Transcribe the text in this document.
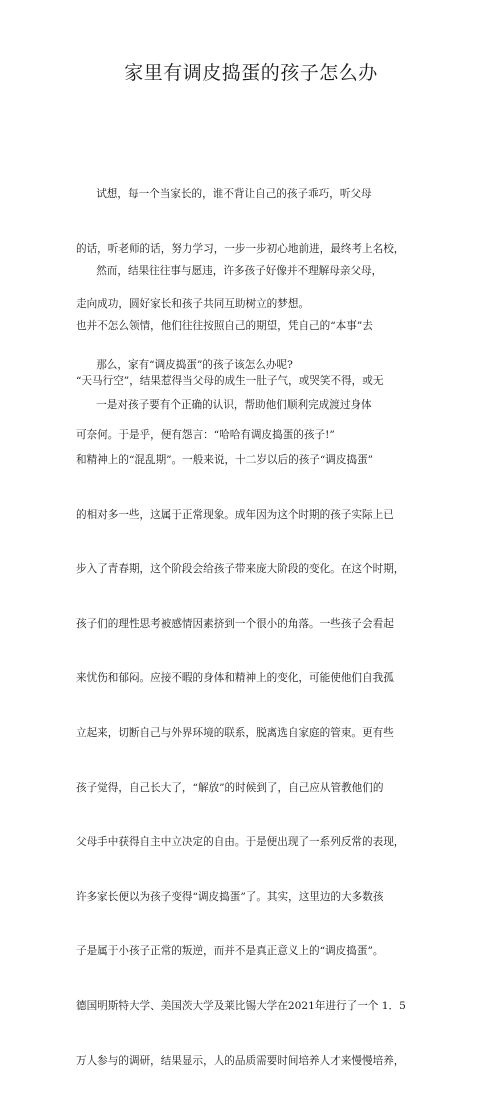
家里有调皮捣蛋的孩子怎么办

试想，每一个当家长的，谁不背让自己的孩子乖巧，听父母

的话，听老师的话，努力学习，一步一步初心地前进，最终考上名校，

走向成功，圆好家长和孩子共同互助树立的梦想。

然而，结果往往事与愿违，许多孩子好像并不理解母亲父母，

也并不怎么领情，他们往往按照自己的期望，凭自己的“本事”去

“天马行空”，结果惹得当父母的成生一肚子气，或哭笑不得，或无

可奈何。于是乎，便有怨言：“哈哈有调皮捣蛋的孩子!”

那么，家有“调皮捣蛋”的孩子该怎么办呢?

一是对孩子要有个正确的认识，帮助他们顺利完成渡过身体

和精神上的“混乱期”。一般来说，十二岁以后的孩子“调皮捣蛋”

的相对多一些，这属于正常现象。成年因为这个时期的孩子实际上已

步入了青春期，这个阶段会给孩子带来庞大阶段的变化。在这个时期，

孩子们的理性思考被感情因素挤到一个很小的角落。一些孩子会看起

来忧伤和郁闷。应接不暇的身体和精神上的变化，可能使他们自我孤

立起来，切断自己与外界环境的联系，脱离选自家庭的管束。更有些

孩子觉得，自己长大了，“解放”的时候到了，自己应从管教他们的

父母手中获得自主中立决定的自由。于是便出现了一系列反常的表现，

许多家长便以为孩子变得“调皮捣蛋”了。其实，这里边的大多数孩

子是属于小孩子正常的叛逆，而并不是真正意义上的“调皮捣蛋”。

德国明斯特大学、美国茨大学及莱比锡大学在2021年进行了一个 1．5

万人参与的调研，结果显示，人的品质需要时间培养人才来慢慢培养，
